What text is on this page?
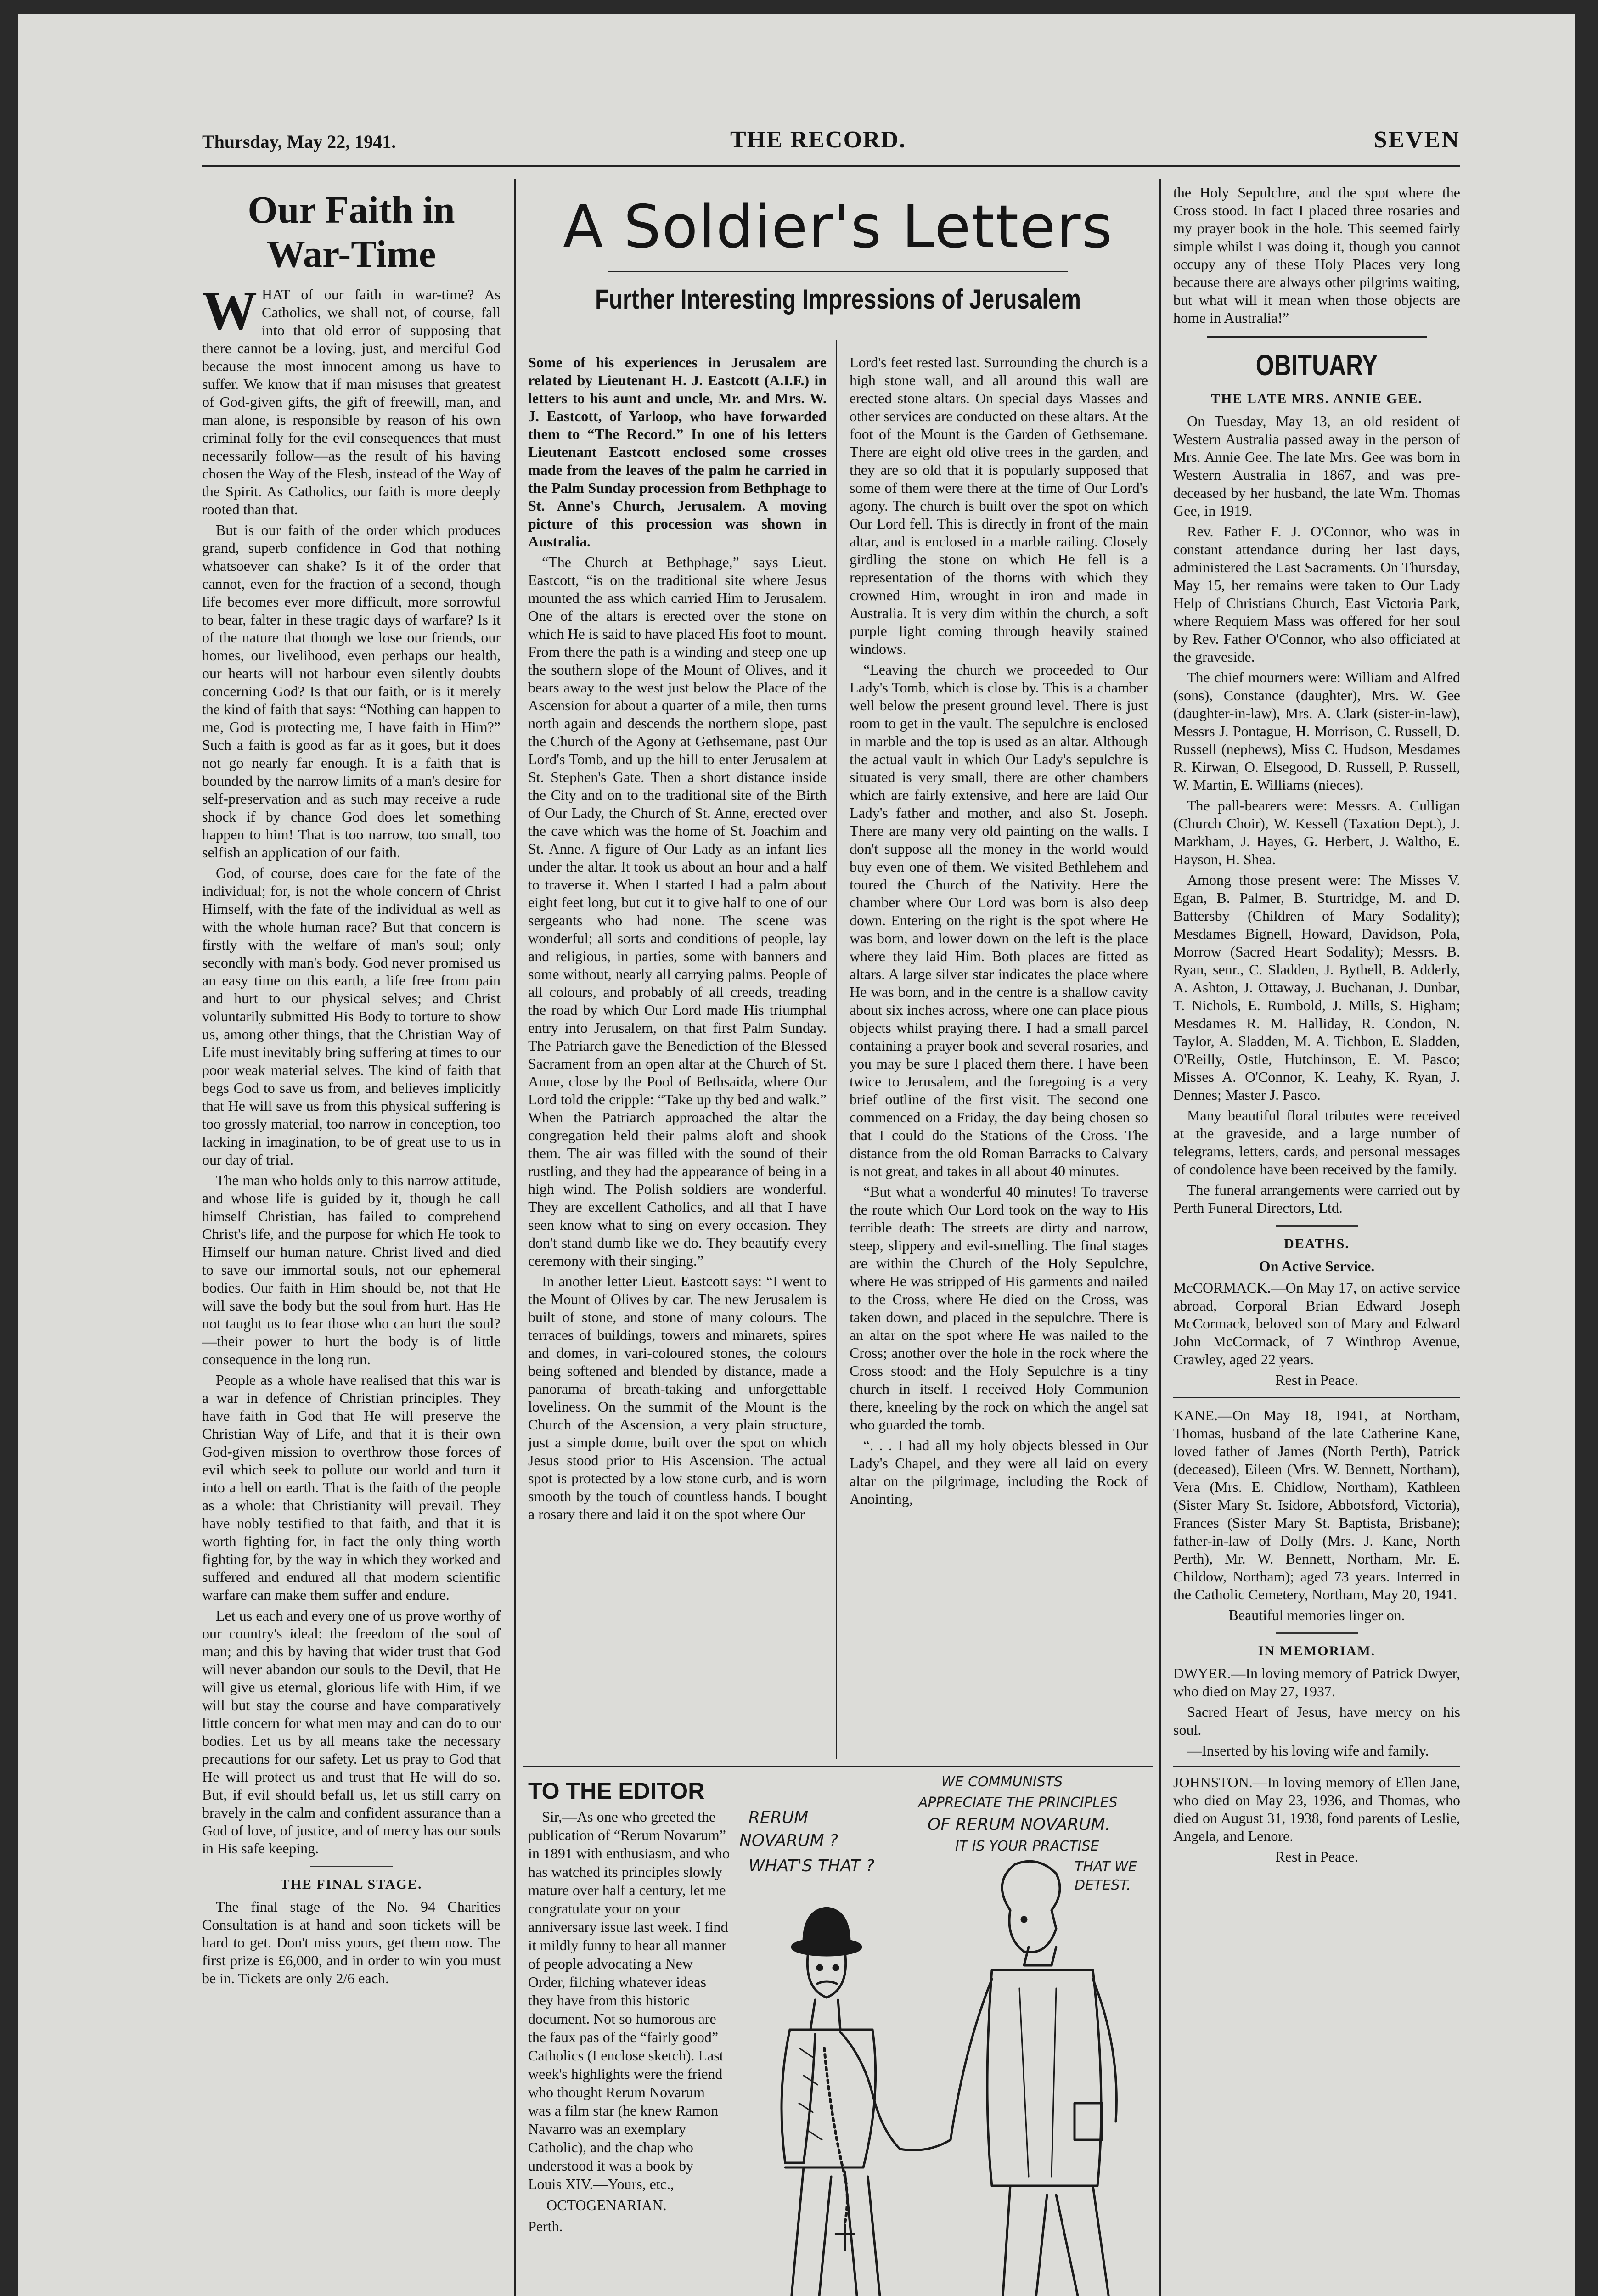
Thursday, May 22, 1941.	THE RECORD.	SEVEN
Our Faith in
War-Time

WHAT of our faith in war-time? As Catholics, we shall not, of course, fall into that old error of supposing that there cannot be a loving, just, and merciful God because the most innocent among us have to suffer. We know that if man misuses that greatest of God-given gifts, the gift of freewill, man, and man alone, is responsible by reason of his own criminal folly for the evil consequences that must necessarily follow—as the result of his having chosen the Way of the Flesh, instead of the Way of the Spirit. As Catholics, our faith is more deeply rooted than that.

But is our faith of the order which produces grand, superb confidence in God that nothing whatsoever can shake? Is it of the order that cannot, even for the fraction of a second, though life becomes ever more difficult, more sorrowful to bear, falter in these tragic days of warfare? Is it of the nature that though we lose our friends, our homes, our livelihood, even perhaps our health, our hearts will not harbour even silently doubts concerning God? Is that our faith, or is it merely the kind of faith that says: “Nothing can happen to me, God is protecting me, I have faith in Him?” Such a faith is good as far as it goes, but it does not go nearly far enough. It is a faith that is bounded by the narrow limits of a man's desire for self-preservation and as such may receive a rude shock if by chance God does let something happen to him! That is too narrow, too small, too selfish an application of our faith.

God, of course, does care for the fate of the individual; for, is not the whole concern of Christ Himself, with the fate of the individual as well as with the whole human race? But that concern is firstly with the welfare of man's soul; only secondly with man's body. God never promised us an easy time on this earth, a life free from pain and hurt to our physical selves; and Christ voluntarily submitted His Body to torture to show us, among other things, that the Christian Way of Life must inevitably bring suffering at times to our poor weak material selves. The kind of faith that begs God to save us from, and believes implicitly that He will save us from this physical suffering is too grossly material, too narrow in conception, too lacking in imagination, to be of great use to us in our day of trial.

The man who holds only to this narrow attitude, and whose life is guided by it, though he call himself Christian, has failed to comprehend Christ's life, and the purpose for which He took to Himself our human nature. Christ lived and died to save our immortal souls, not our ephemeral bodies. Our faith in Him should be, not that He will save the body but the soul from hurt. Has He not taught us to fear those who can hurt the soul?—their power to hurt the body is of little consequence in the long run.

People as a whole have realised that this war is a war in defence of Christian principles. They have faith in God that He will preserve the Christian Way of Life, and that it is their own God-given mission to overthrow those forces of evil which seek to pollute our world and turn it into a hell on earth. That is the faith of the people as a whole: that Christianity will prevail. They have nobly testified to that faith, and that it is worth fighting for, in fact the only thing worth fighting for, by the way in which they worked and suffered and endured all that modern scientific warfare can make them suffer and endure.

Let us each and every one of us prove worthy of our country's ideal: the freedom of the soul of man; and this by having that wider trust that God will never abandon our souls to the Devil, that He will give us eternal, glorious life with Him, if we will but stay the course and have comparatively little concern for what men may and can do to our bodies. Let us by all means take the necessary precautions for our safety. Let us pray to God that He will protect us and trust that He will do so. But, if evil should befall us, let us still carry on bravely in the calm and confident assurance than a God of love, of justice, and of mercy has our souls in His safe keeping.

THE FINAL STAGE.

The final stage of the No. 94 Charities Consultation is at hand and soon tickets will be hard to get. Don't miss yours, get them now. The first prize is £6,000, and in order to win you must be in. Tickets are only 2/6 each.

A Soldier's Letters
Further Interesting Impressions of Jerusalem

Some of his experiences in Jerusalem are related by Lieutenant H. J. Eastcott (A.I.F.) in letters to his aunt and uncle, Mr. and Mrs. W. J. Eastcott, of Yarloop, who have forwarded them to “The Record.” In one of his letters Lieutenant Eastcott enclosed some crosses made from the leaves of the palm he carried in the Palm Sunday procession from Bethphage to St. Anne's Church, Jerusalem. A moving picture of this procession was shown in Australia.

“The Church at Bethphage,” says Lieut. Eastcott, “is on the traditional site where Jesus mounted the ass which carried Him to Jerusalem. One of the altars is erected over the stone on which He is said to have placed His foot to mount. From there the path is a winding and steep one up the southern slope of the Mount of Olives, and it bears away to the west just below the Place of the Ascension for about a quarter of a mile, then turns north again and descends the northern slope, past the Church of the Agony at Gethsemane, past Our Lord's Tomb, and up the hill to enter Jerusalem at St. Stephen's Gate. Then a short distance inside the City and on to the traditional site of the Birth of Our Lady, the Church of St. Anne, erected over the cave which was the home of St. Joachim and St. Anne. A figure of Our Lady as an infant lies under the altar. It took us about an hour and a half to traverse it. When I started I had a palm about eight feet long, but cut it to give half to one of our sergeants who had none. The scene was wonderful; all sorts and conditions of people, lay and religious, in parties, some with banners and some without, nearly all carrying palms. People of all colours, and probably of all creeds, treading the road by which Our Lord made His triumphal entry into Jerusalem, on that first Palm Sunday. The Patriarch gave the Benediction of the Blessed Sacrament from an open altar at the Church of St. Anne, close by the Pool of Bethsaida, where Our Lord told the cripple: “Take up thy bed and walk.” When the Patriarch approached the altar the congregation held their palms aloft and shook them. The air was filled with the sound of their rustling, and they had the appearance of being in a high wind. The Polish soldiers are wonderful. They are excellent Catholics, and all that I have seen know what to sing on every occasion. They don't stand dumb like we do. They beautify every ceremony with their singing.”

In another letter Lieut. Eastcott says: “I went to the Mount of Olives by car. The new Jerusalem is built of stone, and stone of many colours. The terraces of buildings, towers and minarets, spires and domes, in vari-coloured stones, the colours being softened and blended by distance, made a panorama of breath-taking and unforgettable loveliness. On the summit of the Mount is the Church of the Ascension, a very plain structure, just a simple dome, built over the spot on which Jesus stood prior to His Ascension. The actual spot is protected by a low stone curb, and is worn smooth by the touch of countless hands. I bought a rosary there and laid it on the spot where Our

Lord's feet rested last. Surrounding the church is a high stone wall, and all around this wall are erected stone altars. On special days Masses and other services are conducted on these altars. At the foot of the Mount is the Garden of Gethsemane. There are eight old olive trees in the garden, and they are so old that it is popularly supposed that some of them were there at the time of Our Lord's agony. The church is built over the spot on which Our Lord fell. This is directly in front of the main altar, and is enclosed in a marble railing. Closely girdling the stone on which He fell is a representation of the thorns with which they crowned Him, wrought in iron and made in Australia. It is very dim within the church, a soft purple light coming through heavily stained windows.

“Leaving the church we proceeded to Our Lady's Tomb, which is close by. This is a chamber well below the present ground level. There is just room to get in the vault. The sepulchre is enclosed in marble and the top is used as an altar. Although the actual vault in which Our Lady's sepulchre is situated is very small, there are other chambers which are fairly extensive, and here are laid Our Lady's father and mother, and also St. Joseph. There are many very old painting on the walls. I don't suppose all the money in the world would buy even one of them. We visited Bethlehem and toured the Church of the Nativity. Here the chamber where Our Lord was born is also deep down. Entering on the right is the spot where He was born, and lower down on the left is the place where they laid Him. Both places are fitted as altars. A large silver star indicates the place where He was born, and in the centre is a shallow cavity about six inches across, where one can place pious objects whilst praying there. I had a small parcel containing a prayer book and several rosaries, and you may be sure I placed them there. I have been twice to Jerusalem, and the foregoing is a very brief outline of the first visit. The second one commenced on a Friday, the day being chosen so that I could do the Stations of the Cross. The distance from the old Roman Barracks to Calvary is not great, and takes in all about 40 minutes.

“But what a wonderful 40 minutes! To traverse the route which Our Lord took on the way to His terrible death: The streets are dirty and narrow, steep, slippery and evil-smelling. The final stages are within the Church of the Holy Sepulchre, where He was stripped of His garments and nailed to the Cross, where He died on the Cross, was taken down, and placed in the sepulchre. There is an altar on the spot where He was nailed to the Cross; another over the hole in the rock where the Cross stood: and the Holy Sepulchre is a tiny church in itself. I received Holy Communion there, kneeling by the rock on which the angel sat who guarded the tomb.

“. . . I had all my holy objects blessed in Our Lady's Chapel, and they were all laid on every altar on the pilgrimage, including the Rock of Anointing,

TO THE EDITOR

Sir,—As one who greeted the publication of “Rerum Novarum” in 1891 with enthusiasm, and who has watched its principles slowly mature over half a century, let me congratulate your on your anniversary issue last week. I find it mildly funny to hear all manner of people advocating a New Order, filching whatever ideas they have from this historic document. Not so humorous are the faux pas of the “fairly good” Catholics (I enclose sketch). Last week's highlights were the friend who thought Rerum Novarum was a film star (he knew Ramon Navarro was an exemplary Catholic), and the chap who understood it was a book by Louis XIV.—Yours, etc.,

OCTOGENARIAN.

Perth.

RERUM
NOVARUM ?
WHAT'S THAT ?
WE COMMUNISTS
APPRECIATE THE PRINCIPLES
OF RERUM NOVARUM.
IT IS YOUR PRACTISE
THAT WE
DETEST.

the Holy Sepulchre, and the spot where the Cross stood. In fact I placed three rosaries and my prayer book in the hole. This seemed fairly simple whilst I was doing it, though you cannot occupy any of these Holy Places very long because there are always other pilgrims waiting, but what will it mean when those objects are home in Australia!”

OBITUARY
THE LATE MRS. ANNIE GEE.

On Tuesday, May 13, an old resident of Western Australia passed away in the person of Mrs. Annie Gee. The late Mrs. Gee was born in Western Australia in 1867, and was pre-deceased by her husband, the late Wm. Thomas Gee, in 1919.

Rev. Father F. J. O'Connor, who was in constant attendance during her last days, administered the Last Sacraments. On Thursday, May 15, her remains were taken to Our Lady Help of Christians Church, East Victoria Park, where Requiem Mass was offered for her soul by Rev. Father O'Connor, who also officiated at the graveside.

The chief mourners were: William and Alfred (sons), Constance (daughter), Mrs. W. Gee (daughter-in-law), Mrs. A. Clark (sister-in-law), Messrs J. Pontague, H. Morrison, C. Russell, D. Russell (nephews), Miss C. Hudson, Mesdames R. Kirwan, O. Elsegood, D. Russell, P. Russell, W. Martin, E. Williams (nieces).

The pall-bearers were: Messrs. A. Culligan (Church Choir), W. Kessell (Taxation Dept.), J. Markham, J. Hayes, G. Herbert, J. Waltho, E. Hayson, H. Shea.

Among those present were: The Misses V. Egan, B. Palmer, B. Sturtridge, M. and D. Battersby (Children of Mary Sodality); Mesdames Bignell, Howard, Davidson, Pola, Morrow (Sacred Heart Sodality); Messrs. B. Ryan, senr., C. Sladden, J. Bythell, B. Adderly, A. Ashton, J. Ottaway, J. Buchanan, J. Dunbar, T. Nichols, E. Rumbold, J. Mills, S. Higham; Mesdames R. M. Halliday, R. Condon, N. Taylor, A. Sladden, M. A. Tichbon, E. Sladden, O'Reilly, Ostle, Hutchinson, E. M. Pasco; Misses A. O'Connor, K. Leahy, K. Ryan, J. Dennes; Master J. Pasco.

Many beautiful floral tributes were received at the graveside, and a large number of telegrams, letters, cards, and personal messages of condolence have been received by the family.

The funeral arrangements were carried out by Perth Funeral Directors, Ltd.

DEATHS.
On Active Service.

McCORMACK.—On May 17, on active service abroad, Corporal Brian Edward Joseph McCormack, beloved son of Mary and Edward John McCormack, of 7 Winthrop Avenue, Crawley, aged 22 years.

Rest in Peace.

KANE.—On May 18, 1941, at Northam, Thomas, husband of the late Catherine Kane, loved father of James (North Perth), Patrick (deceased), Eileen (Mrs. W. Bennett, Northam), Vera (Mrs. E. Chidlow, Northam), Kathleen (Sister Mary St. Isidore, Abbotsford, Victoria), Frances (Sister Mary St. Baptista, Brisbane); father-in-law of Dolly (Mrs. J. Kane, North Perth), Mr. W. Bennett, Northam, Mr. E. Childow, Northam); aged 73 years. Interred in the Catholic Cemetery, Northam, May 20, 1941.

Beautiful memories linger on.

IN MEMORIAM.

DWYER.—In loving memory of Patrick Dwyer, who died on May 27, 1937.

Sacred Heart of Jesus, have mercy on his soul.

—Inserted by his loving wife and family.

JOHNSTON.—In loving memory of Ellen Jane, who died on May 23, 1936, and Thomas, who died on August 31, 1938, fond parents of Leslie, Angela, and Lenore.

Rest in Peace.
